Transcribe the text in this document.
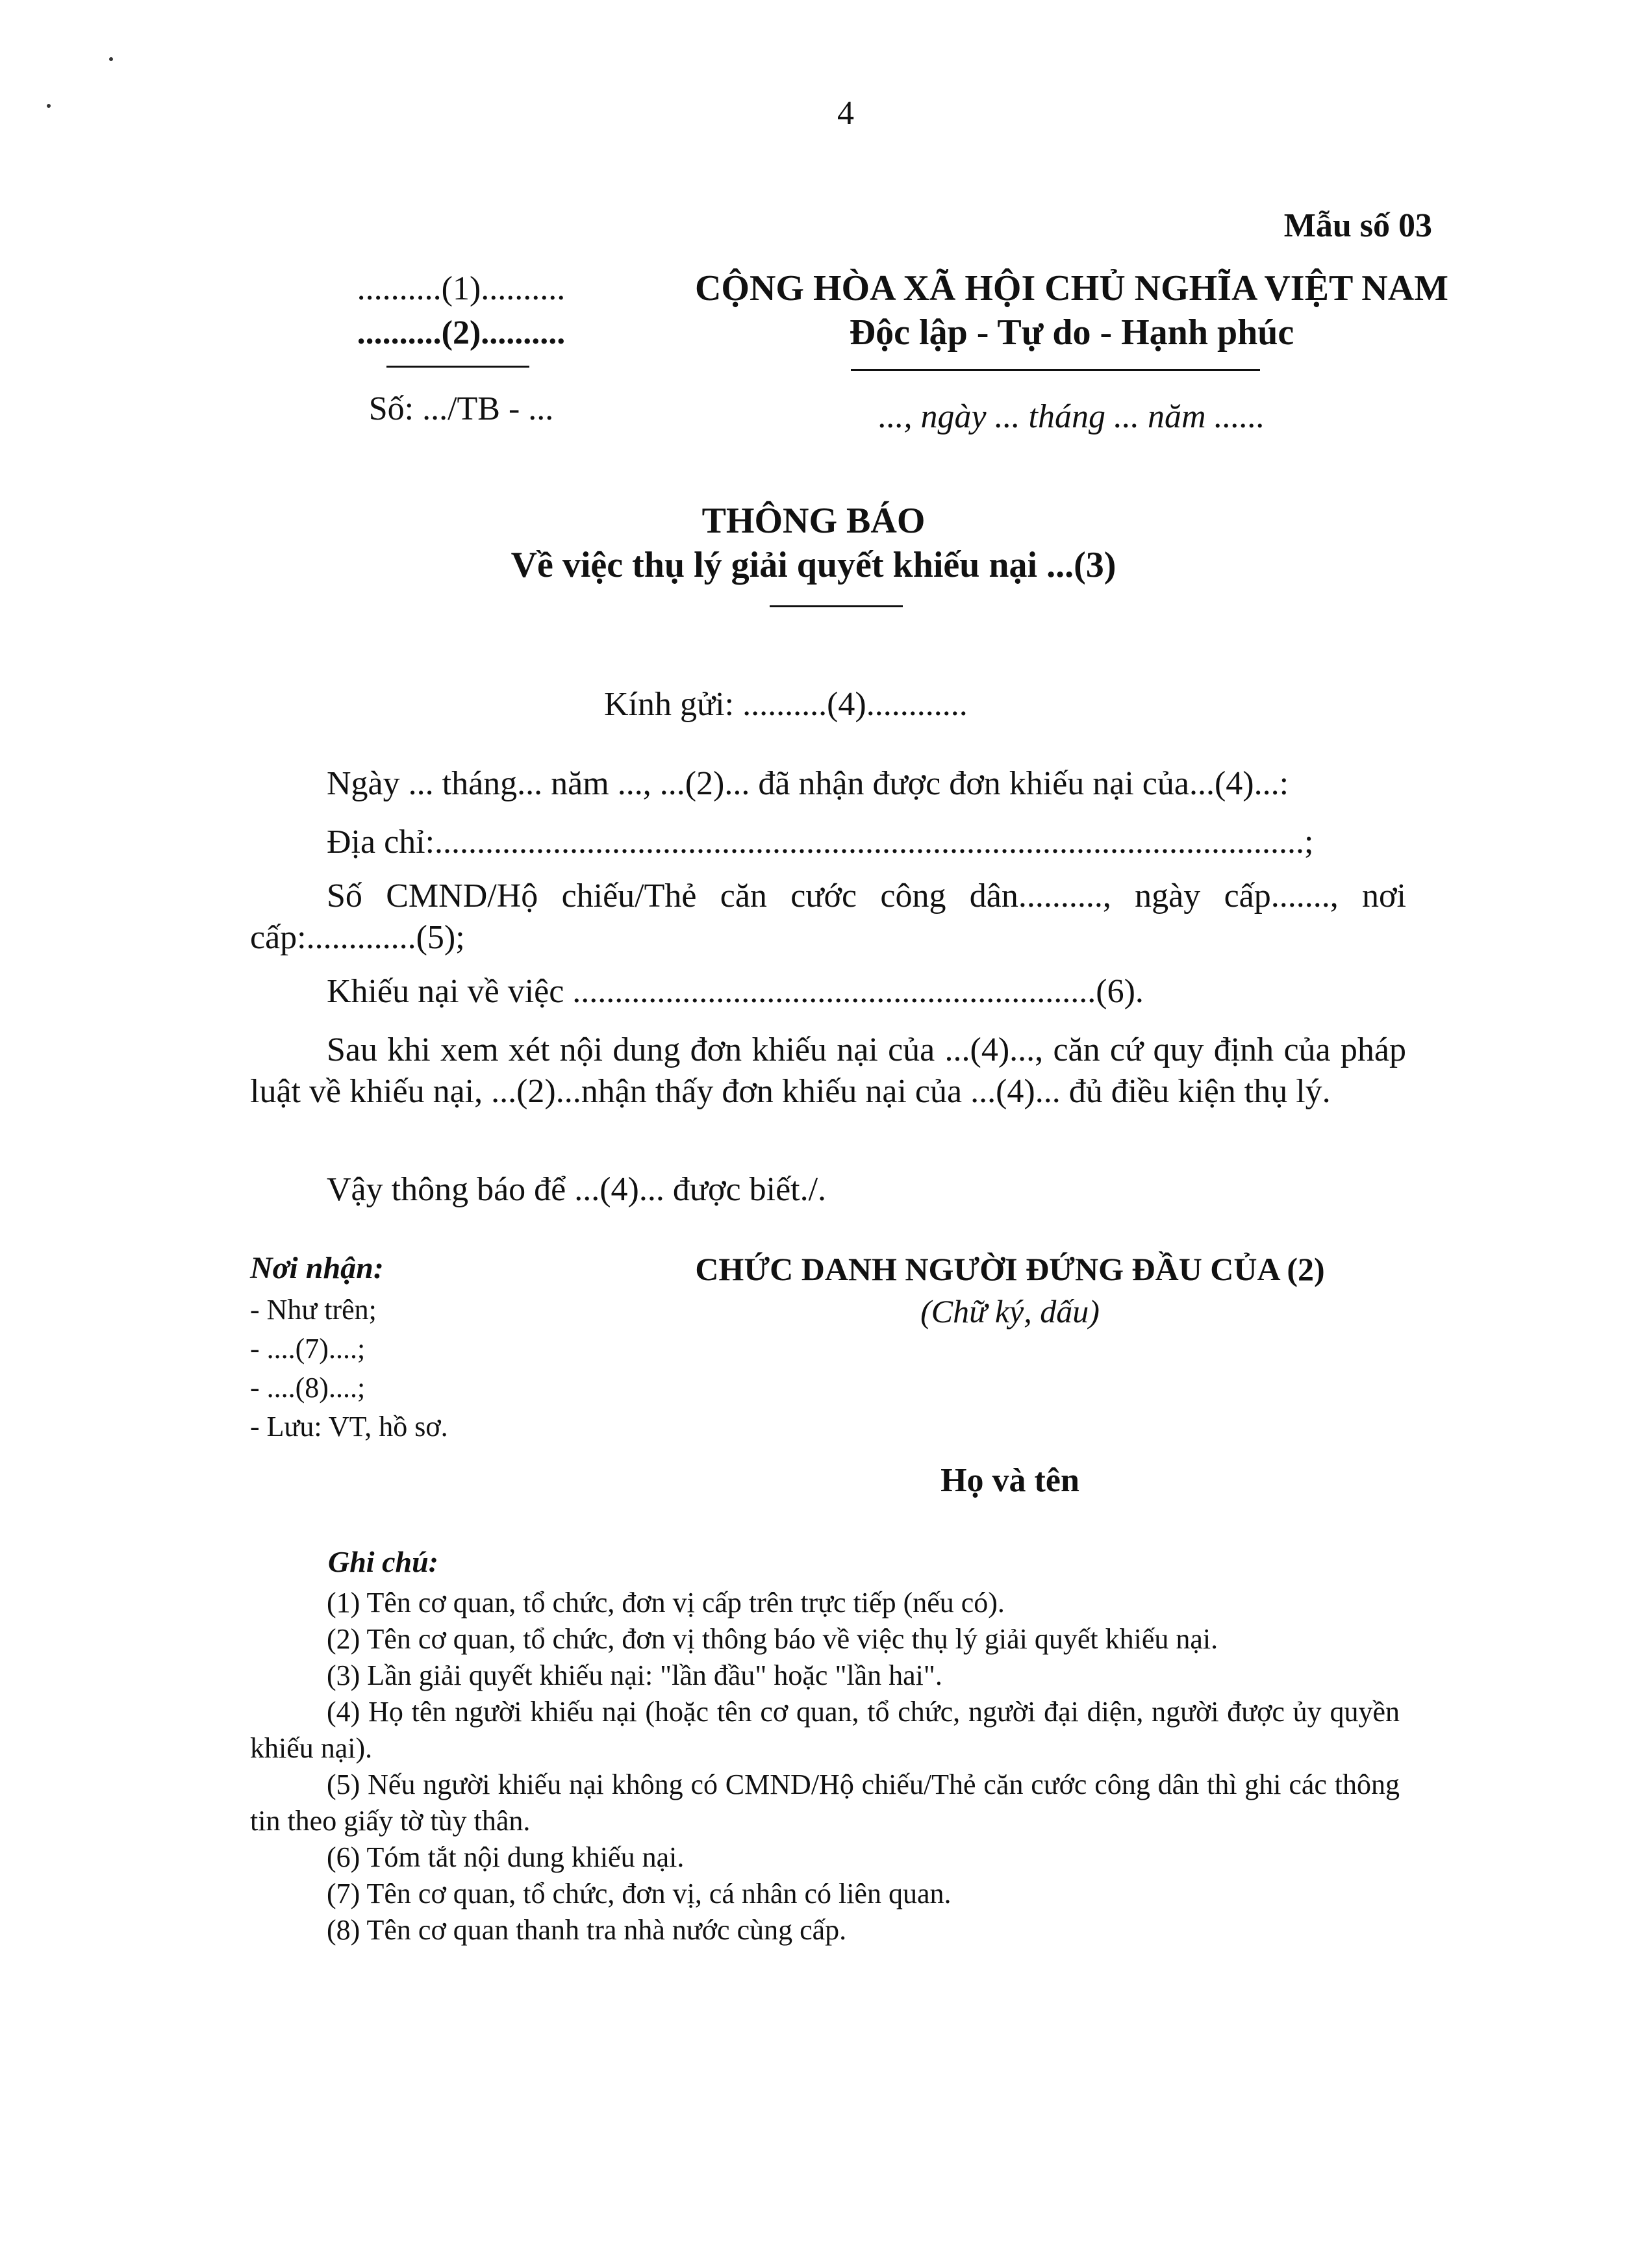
4
Mẫu số 03
..........(1)..........
..........(2)..........
Số: .../TB - ...
CỘNG HÒA XÃ HỘI CHỦ NGHĨA VIỆT NAM
Độc lập - Tự do - Hạnh phúc
..., ngày ... tháng ... năm ......
THÔNG BÁO
Về việc thụ lý giải quyết khiếu nại ...(3)
Kính gửi: ..........(4)............
Ngày ... tháng... năm ..., ...(2)... đã nhận được đơn khiếu nại của...(4)...:
Địa chỉ:.......................................................................................................;
Số CMND/Hộ chiếu/Thẻ căn cước công dân.........., ngày cấp......., nơi cấp:.............(5);
Khiếu nại về việc ..............................................................(6).
Sau khi xem xét nội dung đơn khiếu nại của ...(4)..., căn cứ quy định của pháp luật về khiếu nại, ...(2)...nhận thấy đơn khiếu nại của ...(4)... đủ điều kiện thụ lý.
Vậy thông báo để ...(4)... được biết./.
Nơi nhận:
- Như trên;
- ....(7)....;
- ....(8)....;
- Lưu: VT, hồ sơ.
CHỨC DANH NGƯỜI ĐỨNG ĐẦU CỦA (2)
(Chữ ký, dấu)
Họ và tên
Ghi chú:
(1) Tên cơ quan, tổ chức, đơn vị cấp trên trực tiếp (nếu có).
(2) Tên cơ quan, tổ chức, đơn vị thông báo về việc thụ lý giải quyết khiếu nại.
(3) Lần giải quyết khiếu nại: "lần đầu" hoặc "lần hai".
(4) Họ tên người khiếu nại (hoặc tên cơ quan, tổ chức, người đại diện, người được ủy quyền khiếu nại).
(5) Nếu người khiếu nại không có CMND/Hộ chiếu/Thẻ căn cước công dân thì ghi các thông tin theo giấy tờ tùy thân.
(6) Tóm tắt nội dung khiếu nại.
(7) Tên cơ quan, tổ chức, đơn vị, cá nhân có liên quan.
(8) Tên cơ quan thanh tra nhà nước cùng cấp.
